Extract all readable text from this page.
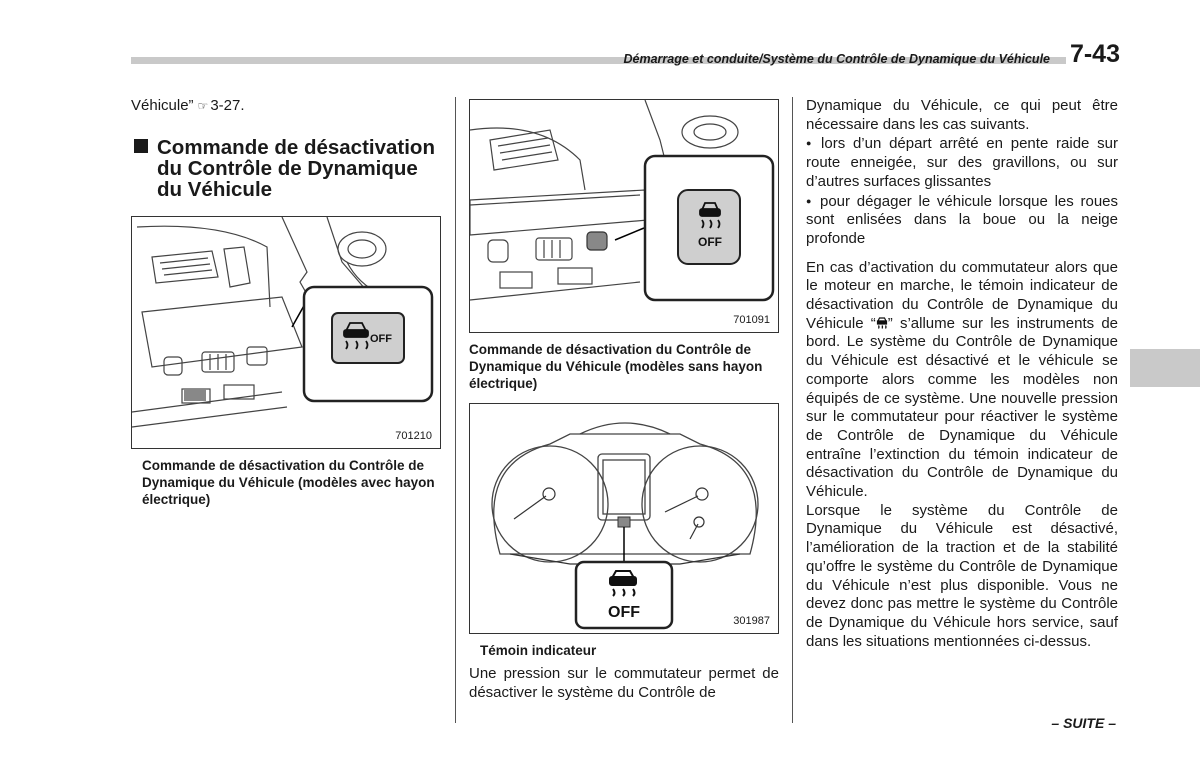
Démarrage et conduite/Système du Contrôle de Dynamique du Véhicule 7-43

Véhicule” ☞ 3-27.

Commande de désactivation du Contrôle de Dynamique du Véhicule
OFF
701210

Commande de désactivation du Contrôle de Dynamique du Véhicule (modèles avec hayon électrique)

OFF
701091

Commande de désactivation du Contrôle de Dynamique du Véhicule (modèles sans hayon électrique)

OFF	301987

Témoin indicateur

Une pression sur le commutateur permet de désactiver le système du Contrôle de

Dynamique du Véhicule, ce qui peut être nécessaire dans les cas suivants.

● lors d’un départ arrêté en pente raide sur route enneigée, sur des gravillons, ou sur d’autres surfaces glissantes

● pour dégager le véhicule lorsque les roues sont enlisées dans la boue ou la neige profonde

En cas d’activation du commutateur alors que le moteur en marche, le témoin indicateur de désactivation du Contrôle de Dynamique du Véhicule “ ” s’allume sur les instruments de bord. Le système du Contrôle de Dynamique du Véhicule est désactivé et le véhicule se comporte alors comme les modèles non équipés de ce système. Une nouvelle pression sur le commutateur pour réactiver le système de Contrôle de Dynamique du Véhicule entraîne l’extinction du témoin indicateur de désactivation du Contrôle de Dynamique du Véhicule.

Lorsque le système du Contrôle de Dynamique du Véhicule est désactivé, l’amélioration de la traction et de la stabilité qu’offre le système du Contrôle de Dynamique du Véhicule n’est plus disponible. Vous ne devez donc pas mettre le système du Contrôle de Dynamique du Véhicule hors service, sauf dans les situations mentionnées ci-dessus.

– SUITE –
